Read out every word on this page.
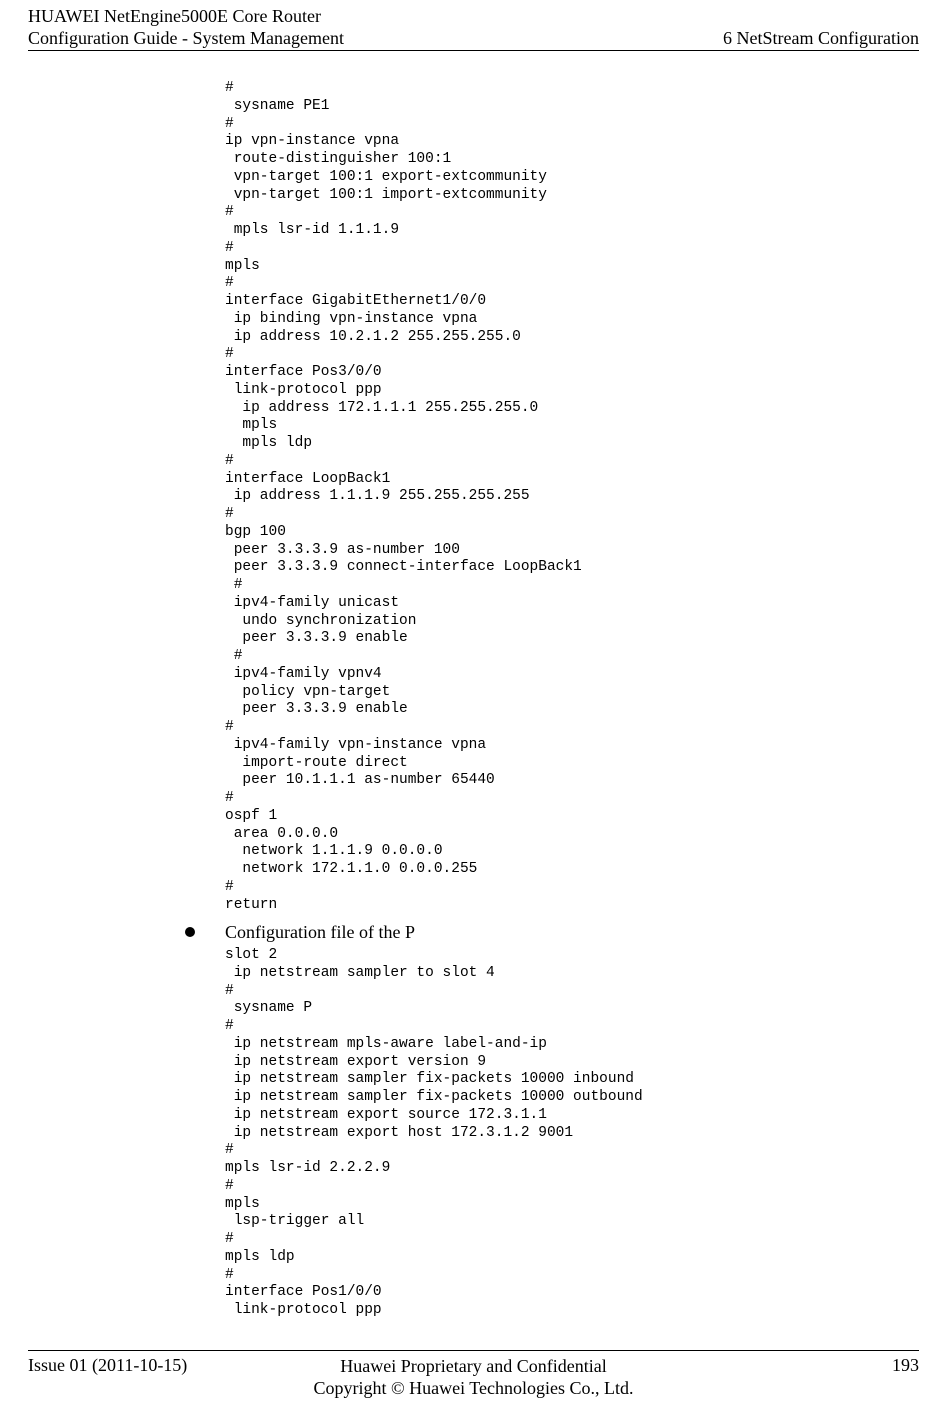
HUAWEI NetEngine5000E Core Router
Configuration Guide - System Management	6 NetStream Configuration
#
sysname PE1
#
ip vpn-instance vpna
route-distinguisher 100:1
vpn-target 100:1 export-extcommunity
vpn-target 100:1 import-extcommunity
#
mpls lsr-id 1.1.1.9
#
mpls
#
interface GigabitEthernet1/0/0
ip binding vpn-instance vpna
ip address 10.2.1.2 255.255.255.0
#
interface Pos3/0/0
link-protocol ppp
ip address 172.1.1.1 255.255.255.0
mpls
mpls ldp
#
interface LoopBack1
ip address 1.1.1.9 255.255.255.255
#
bgp 100
peer 3.3.3.9 as-number 100
peer 3.3.3.9 connect-interface LoopBack1
#
ipv4-family unicast
undo synchronization
peer 3.3.3.9 enable
#
ipv4-family vpnv4
policy vpn-target
peer 3.3.3.9 enable
#
ipv4-family vpn-instance vpna
import-route direct
peer 10.1.1.1 as-number 65440
#
ospf 1
area 0.0.0.0
network 1.1.1.9 0.0.0.0
network 172.1.1.0 0.0.0.255
#
return
Configuration file of the P
slot 2
ip netstream sampler to slot 4
#
sysname P
#
ip netstream mpls-aware label-and-ip
ip netstream export version 9
ip netstream sampler fix-packets 10000 inbound
ip netstream sampler fix-packets 10000 outbound
ip netstream export source 172.3.1.1
ip netstream export host 172.3.1.2 9001
#
mpls lsr-id 2.2.2.9
#
mpls
lsp-trigger all
#
mpls ldp
#
interface Pos1/0/0
link-protocol ppp
Issue 01 (2011-10-15)	Huawei Proprietary and Confidential
Copyright © Huawei Technologies Co., Ltd.
193
